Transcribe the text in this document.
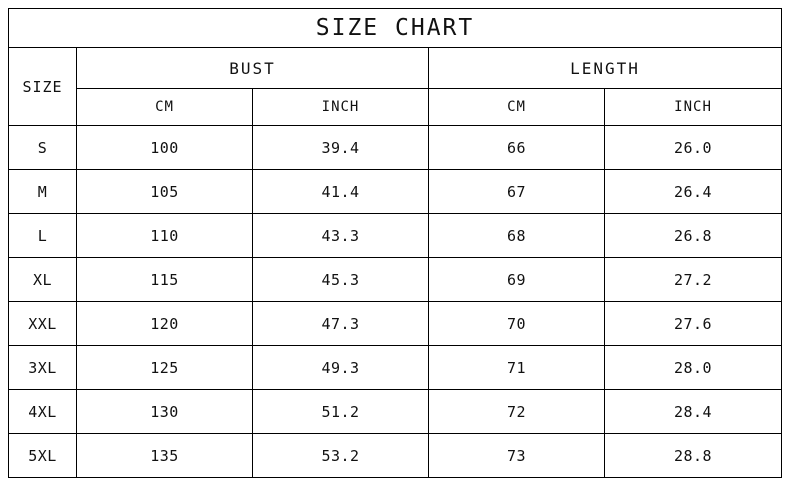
SIZE CHART				
SIZE	BUST		LENGTH	
	CM	INCH	CM	INCH
S	100	39.4	66	26.0
M	105	41.4	67	26.4
L	110	43.3	68	26.8
XL	115	45.3	69	27.2
XXL	120	47.3	70	27.6
3XL	125	49.3	71	28.0
4XL	130	51.2	72	28.4
5XL	135	53.2	73	28.8
